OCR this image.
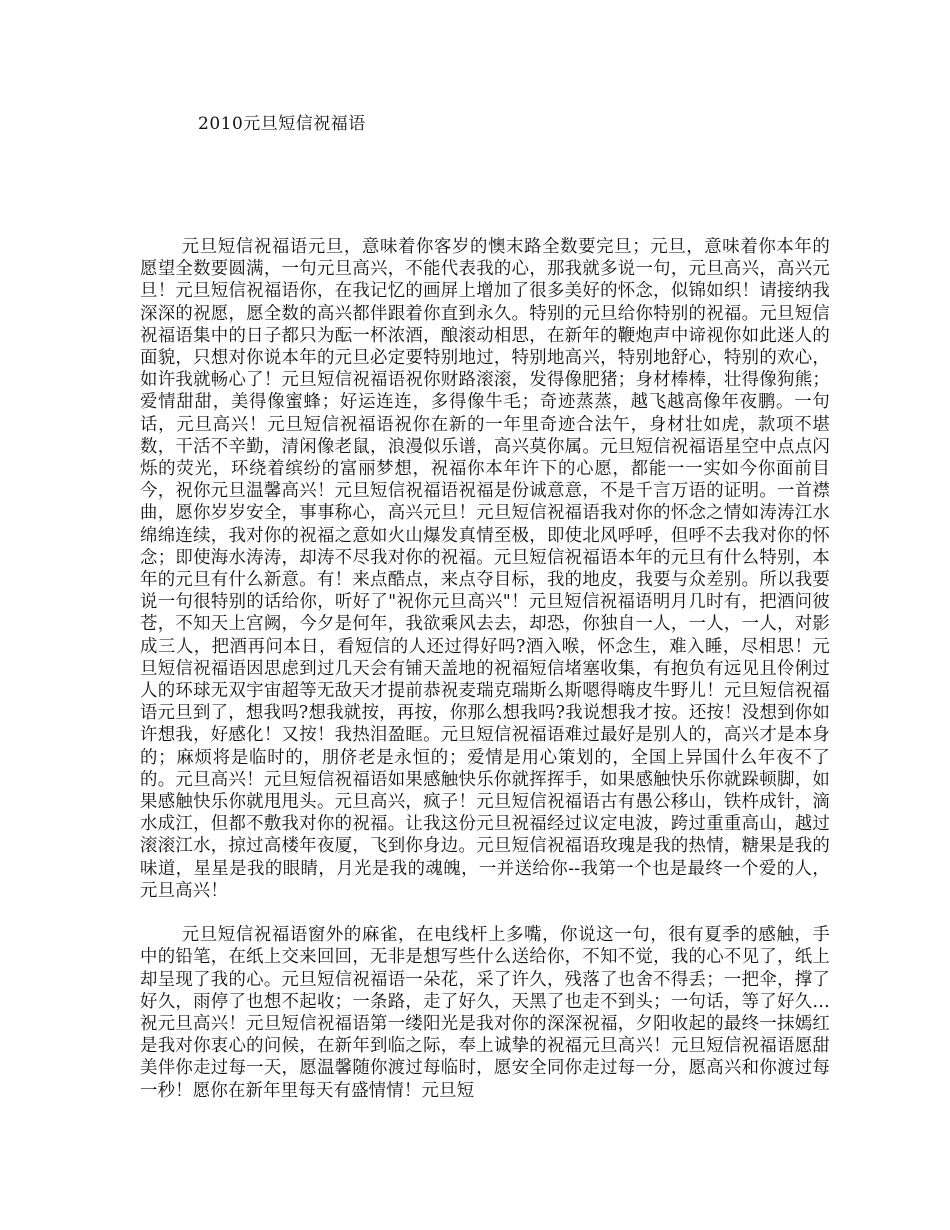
2010元旦短信祝福语

元旦短信祝福语元旦，意味着你客岁的懊末路全数要完旦；元旦，意味着你本年的愿望全数要圆满，一句元旦高兴，不能代表我的心，那我就多说一句，元旦高兴，高兴元旦！元旦短信祝福语你，在我记忆的画屏上增加了很多美好的怀念，似锦如织！请接纳我深深的祝愿，愿全数的高兴都伴跟着你直到永久。特别的元旦给你特别的祝福。元旦短信祝福语集中的日子都只为酝一杯浓酒，酿滚动相思，在新年的鞭炮声中谛视你如此迷人的面貌，只想对你说本年的元旦必定要特别地过，特别地高兴，特别地舒心，特别的欢心，如许我就畅心了！元旦短信祝福语祝你财路滚滚，发得像肥猪；身材棒棒，壮得像狗熊；爱情甜甜，美得像蜜蜂；好运连连，多得像牛毛；奇迹蒸蒸，越飞越高像年夜鹏。一句话，元旦高兴！元旦短信祝福语祝你在新的一年里奇迹合法午，身材壮如虎，款项不堪数，干活不辛勤，清闲像老鼠，浪漫似乐谱，高兴莫你属。元旦短信祝福语星空中点点闪烁的荧光，环绕着缤纷的富丽梦想，祝福你本年许下的心愿，都能一一实如今你面前目今，祝你元旦温馨高兴！元旦短信祝福语祝福是份诚意意，不是千言万语的证明。一首襟曲，愿你岁岁安全，事事称心，高兴元旦！元旦短信祝福语我对你的怀念之情如涛涛江水绵绵连续，我对你的祝福之意如火山爆发真情至极，即使北风呼呼，但呼不去我对你的怀念；即使海水涛涛，却涛不尽我对你的祝福。元旦短信祝福语本年的元旦有什么特别，本年的元旦有什么新意。有！来点酷点，来点夺目标，我的地皮，我要与众差别。所以我要说一句很特别的话给你，听好了"祝你元旦高兴"！元旦短信祝福语明月几时有，把酒问彼苍，不知天上宫阙，今夕是何年，我欲乘风去去，却恐，你独自一人，一人，一人，对影成三人，把酒再问本日，看短信的人还过得好吗?酒入喉，怀念生，难入睡，尽相思！元旦短信祝福语因思虑到过几天会有铺天盖地的祝福短信堵塞收集，有抱负有远见且伶俐过人的环球无双宇宙超等无敌天才提前恭祝麦瑞克瑞斯么斯嗯得嗨皮牛野儿！元旦短信祝福语元旦到了，想我吗?想我就按，再按，你那么想我吗?我说想我才按。还按！没想到你如许想我，好感化！又按！我热泪盈眶。元旦短信祝福语难过最好是别人的，高兴才是本身的；麻烦将是临时的，朋侪老是永恒的；爱情是用心策划的，全国上异国什么年夜不了的。元旦高兴！元旦短信祝福语如果感触快乐你就挥挥手，如果感触快乐你就跺顿脚，如果感触快乐你就甩甩头。元旦高兴，疯子！元旦短信祝福语古有愚公移山，铁杵成针，滴水成江，但都不敷我对你的祝福。让我这份元旦祝福经过议定电波，跨过重重高山，越过滚滚江水，掠过高楼年夜厦，飞到你身边。元旦短信祝福语玫瑰是我的热情，糖果是我的味道，星星是我的眼睛，月光是我的魂魄，一并送给你--我第一个也是最终一个爱的人，元旦高兴！

元旦短信祝福语窗外的麻雀，在电线杆上多嘴，你说这一句，很有夏季的感触，手中的铅笔，在纸上交来回回，无非是想写些什么送给你，不知不觉，我的心不见了，纸上却呈现了我的心。元旦短信祝福语一朵花，采了许久，残落了也舍不得丢；一把伞，撑了好久，雨停了也想不起收；一条路，走了好久，天黑了也走不到头；一句话，等了好久…祝元旦高兴！元旦短信祝福语第一缕阳光是我对你的深深祝福，夕阳收起的最终一抹嫣红是我对你衷心的问候，在新年到临之际，奉上诚挚的祝福元旦高兴！元旦短信祝福语愿甜美伴你走过每一天，愿温馨随你渡过每临时，愿安全同你走过每一分，愿高兴和你渡过每一秒！愿你在新年里每天有盛情情！元旦短
